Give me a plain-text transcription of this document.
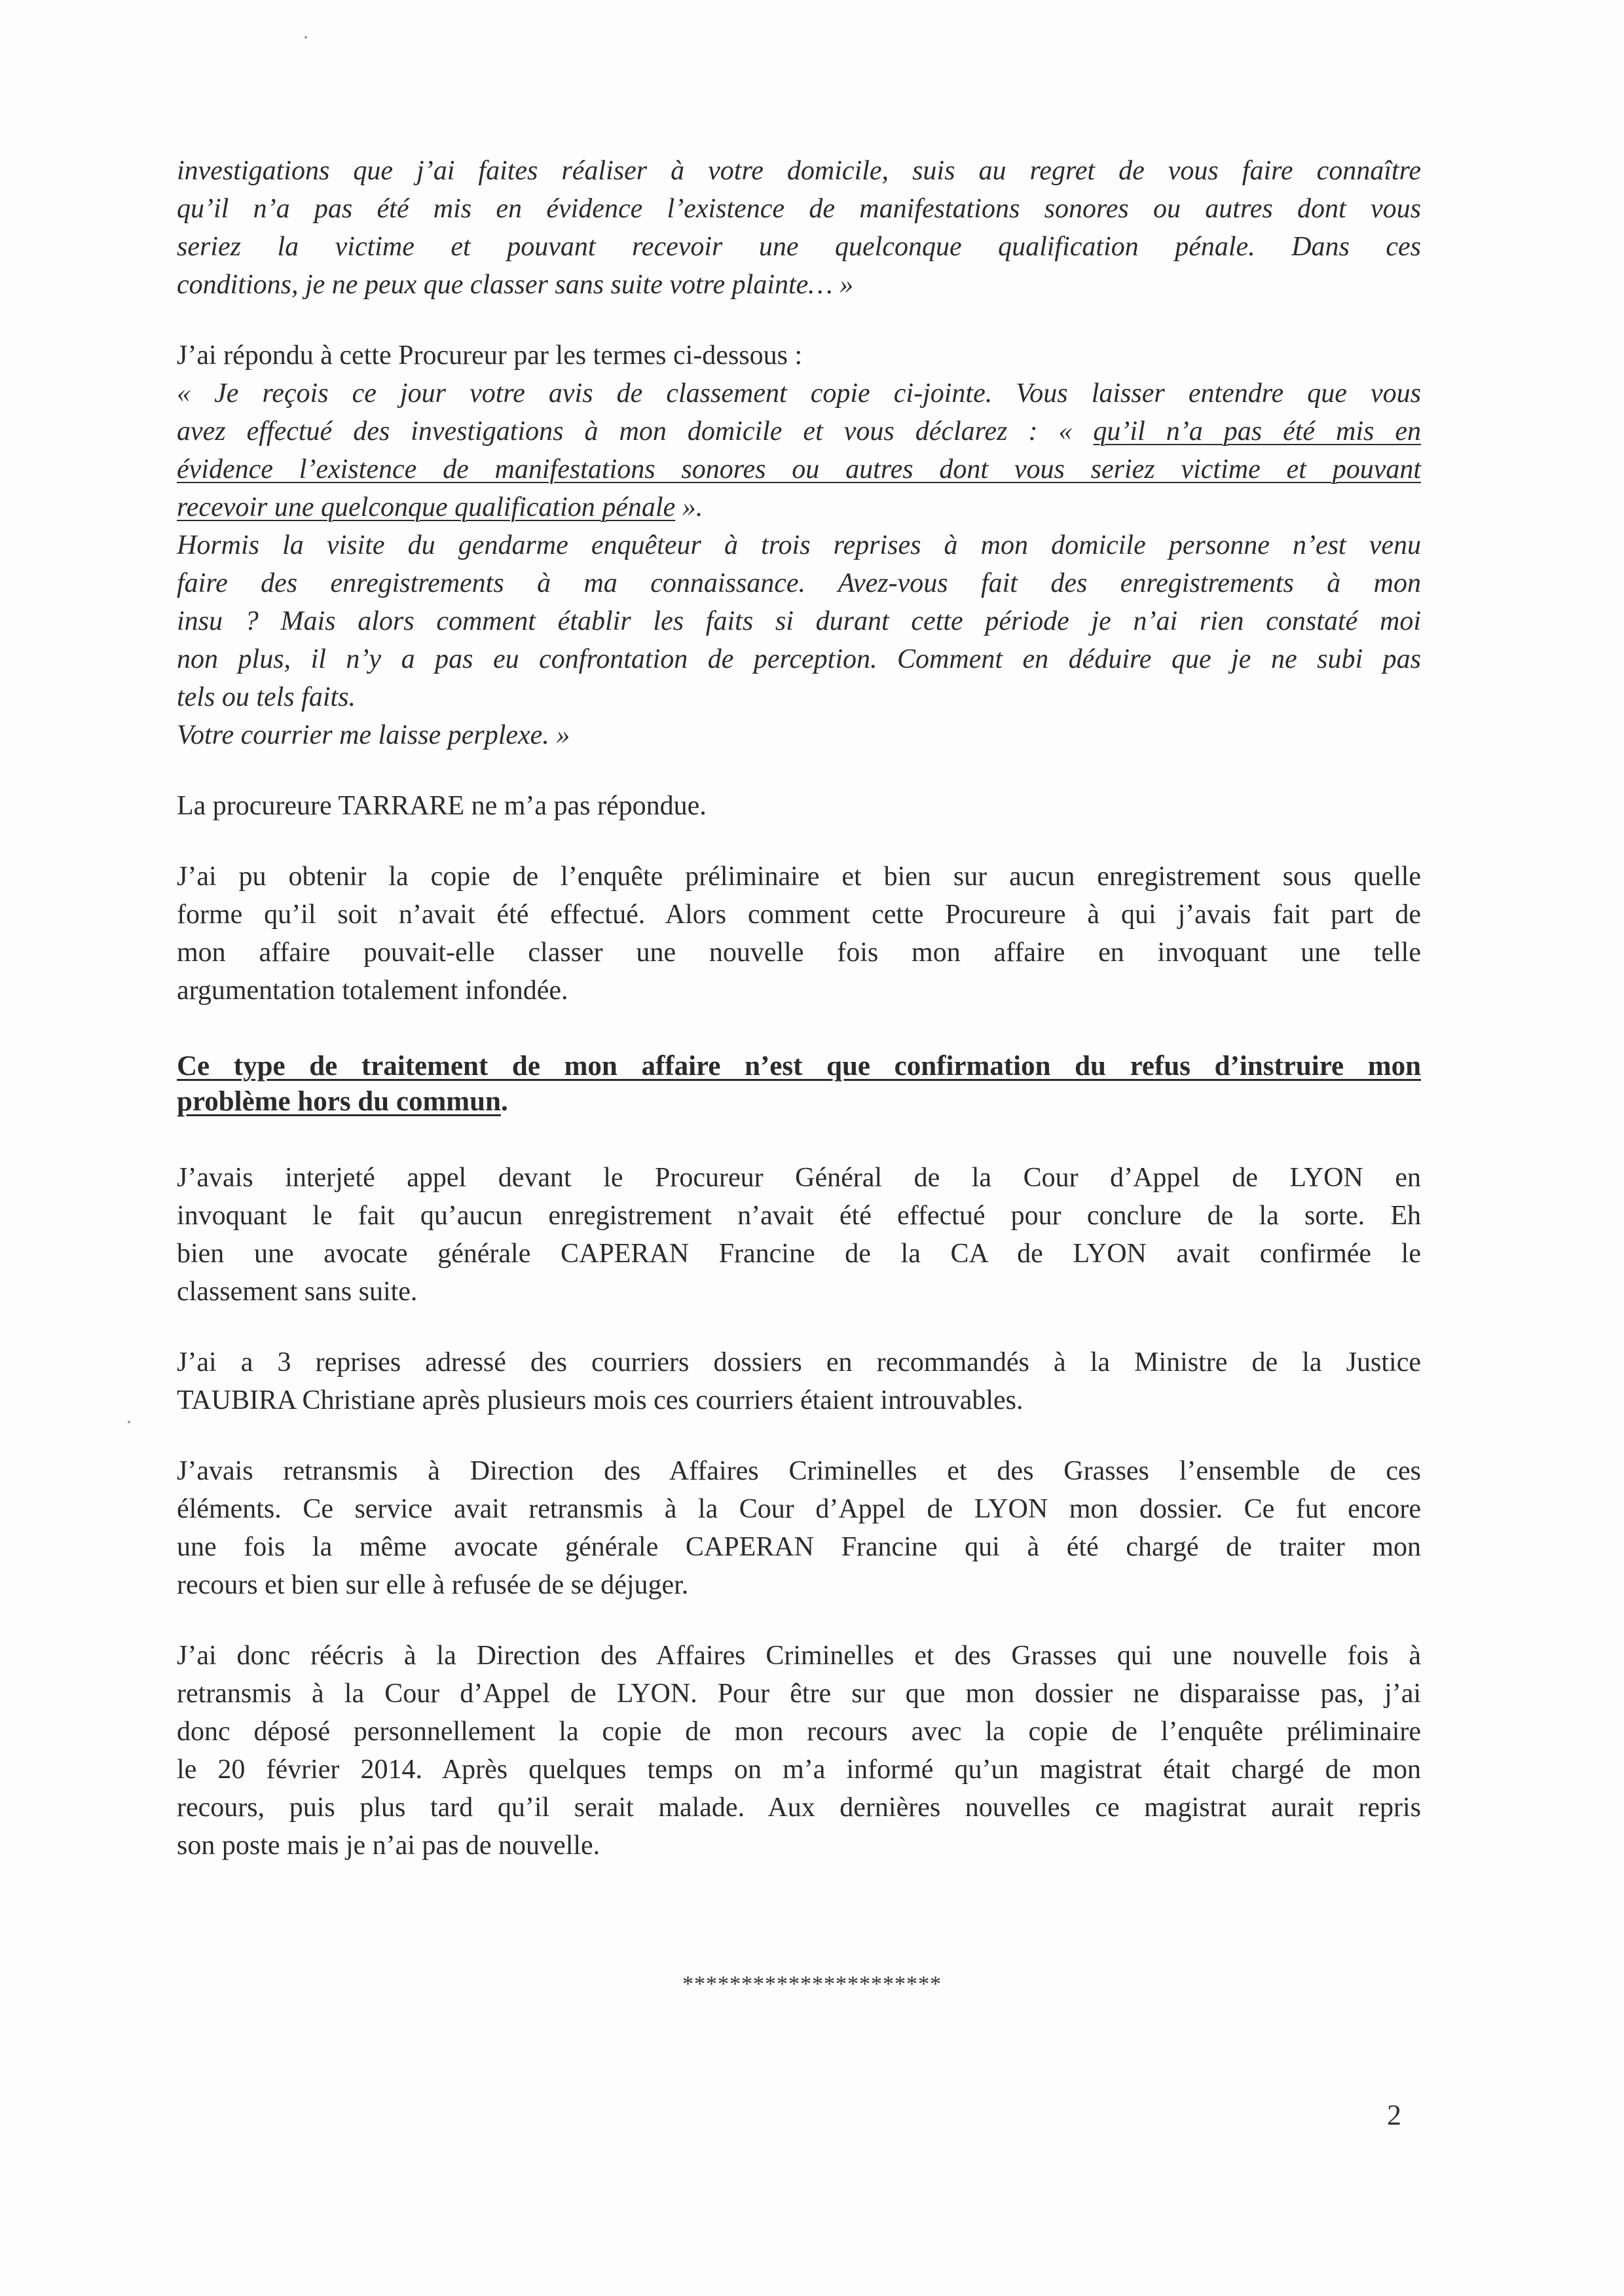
investigations que j’ai faites réaliser à votre domicile, suis au regret de vous faire connaître
qu’il n’a pas été mis en évidence l’existence de manifestations sonores ou autres dont vous
seriez la victime et pouvant recevoir une quelconque qualification pénale. Dans ces
conditions, je ne peux que classer sans suite votre plainte… »

J’ai répondu à cette Procureur par les termes ci-dessous :

« Je reçois ce jour votre avis de classement copie ci-jointe. Vous laisser entendre que vous
avez effectué des investigations à mon domicile et vous déclarez : « qu’il n’a pas été mis en
évidence l’existence de manifestations sonores ou autres dont vous seriez victime et pouvant
recevoir une quelconque qualification pénale ».
Hormis la visite du gendarme enquêteur à trois reprises à mon domicile personne n’est venu
faire des enregistrements à ma connaissance. Avez-vous fait des enregistrements à mon
insu ? Mais alors comment établir les faits si durant cette période je n’ai rien constaté moi
non plus, il n’y a pas eu confrontation de perception. Comment en déduire que je ne subi pas
tels ou tels faits.
Votre courrier me laisse perplexe. »

La procureure TARRARE ne m’a pas répondue.

J’ai pu obtenir la copie de l’enquête préliminaire et bien sur aucun enregistrement sous quelle
forme qu’il soit n’avait été effectué. Alors comment cette Procureure à qui j’avais fait part de
mon affaire pouvait-elle classer une nouvelle fois mon affaire en invoquant une telle
argumentation totalement infondée.

Ce type de traitement de mon affaire n’est que confirmation du refus d’instruire mon
problème hors du commun.

J’avais interjeté appel devant le Procureur Général de la Cour d’Appel de LYON en
invoquant le fait qu’aucun enregistrement n’avait été effectué pour conclure de la sorte. Eh
bien une avocate générale CAPERAN Francine de la CA de LYON avait confirmée le
classement sans suite.

J’ai a 3 reprises adressé des courriers dossiers en recommandés à la Ministre de la Justice
TAUBIRA Christiane après plusieurs mois ces courriers étaient introuvables.

J’avais retransmis à Direction des Affaires Criminelles et des Grasses l’ensemble de ces
éléments. Ce service avait retransmis à la Cour d’Appel de LYON mon dossier. Ce fut encore
une fois la même avocate générale CAPERAN Francine qui à été chargé de traiter mon
recours et bien sur elle à refusée de se déjuger.

J’ai donc réécris à la Direction des Affaires Criminelles et des Grasses qui une nouvelle fois à
retransmis à la Cour d’Appel de LYON. Pour être sur que mon dossier ne disparaisse pas, j’ai
donc déposé personnellement la copie de mon recours avec la copie de l’enquête préliminaire
le 20 février 2014. Après quelques temps on m’a informé qu’un magistrat était chargé de mon
recours, puis plus tard qu’il serait malade. Aux dernières nouvelles ce magistrat aurait repris
son poste mais je n’ai pas de nouvelle.

**********************
2
